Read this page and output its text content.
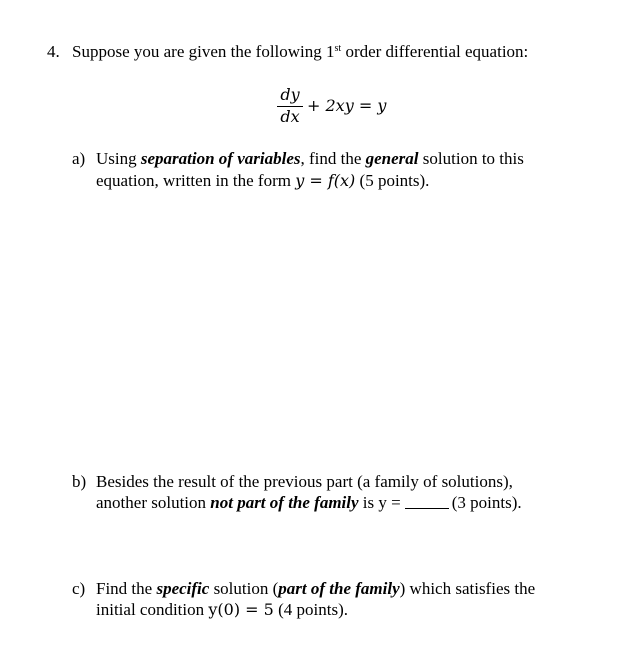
4. Suppose you are given the following 1st order differential equation:
dy
dx
+ 2xy = y
a) Using separation of variables, find the general solution to this
equation, written in the form y = f(x) (5 points).
b) Besides the result of the previous part (a family of solutions),
another solution not part of the family is y =	(3 points).
c) Find the specific solution (part of the family) which satisfies the
initial condition y(0) = 5 (4 points).
